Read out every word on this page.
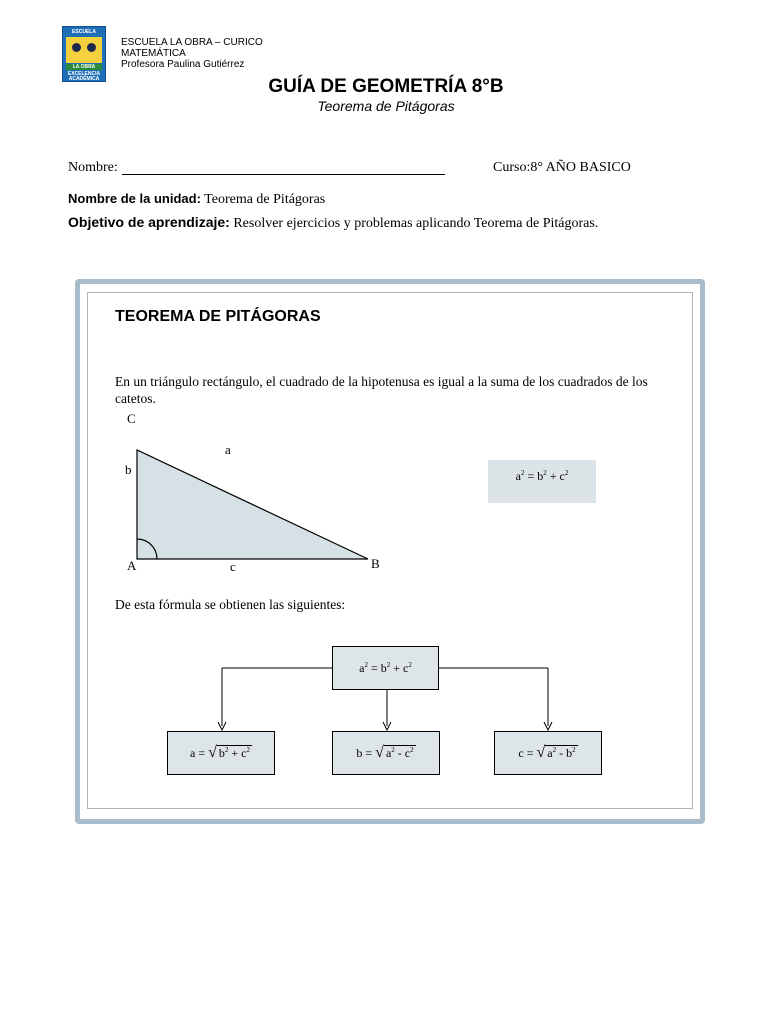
ESCUELA
LA OBRA
EXCELENCIA
ACADÉMICA
ESCUELA LA OBRA – CURICO
MATEMÁTICA
Profesora Paulina Gutiérrez
GUÍA DE GEOMETRÍA 8°B
Teorema de Pitágoras
Nombre:	Curso:8° AÑO BASICO
Nombre de la unidad: Teorema de Pitágoras
Objetivo de aprendizaje: Resolver ejercicios y problemas aplicando Teorema de Pitágoras.
TEOREMA DE PITÁGORAS
En un triángulo rectángulo, el cuadrado de la hipotenusa es igual a la suma de los cuadrados de los catetos.
C
a
b
A	c	B
$a^2 = b^2 + c^2$
De esta fórmula se obtienen las siguientes:
$a^2 = b^2 + c^2$
a = √ $b^2 + c^2$	b = √ $a^2 - c^2$	c = √ $a^2 - b^2$
